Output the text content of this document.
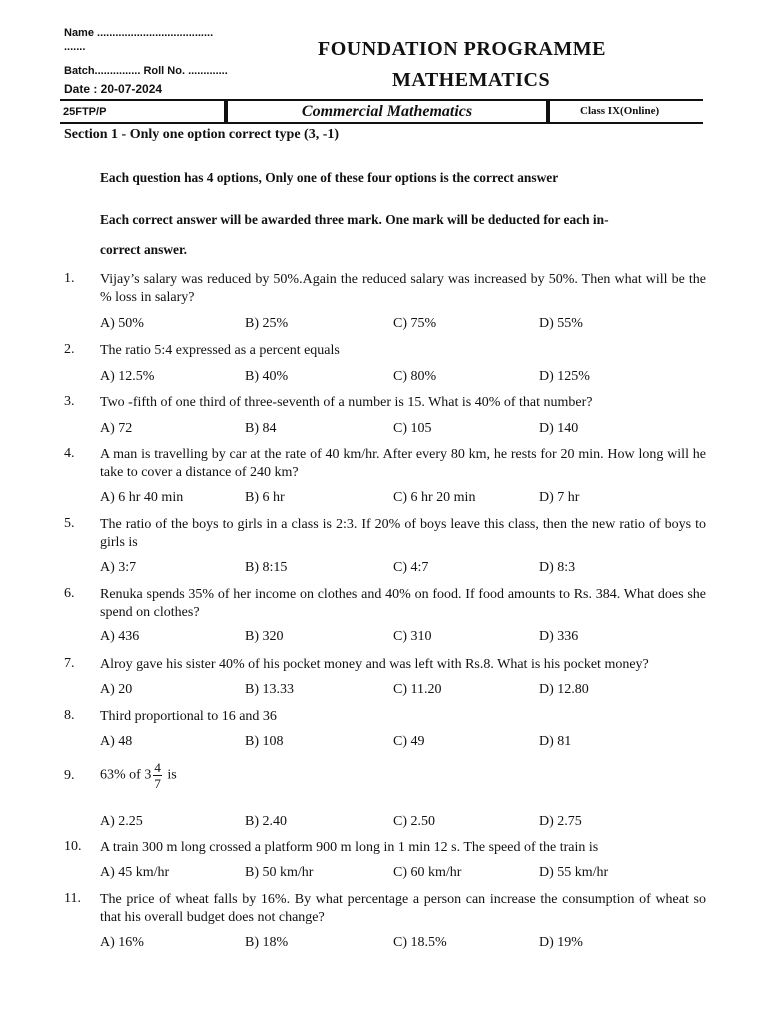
Name ......................................
.......
Batch............... Roll No. .............
Date : 20-07-2024
FOUNDATION PROGRAMME
MATHEMATICS
25FTP/P	Commercial Mathematics	Class IX(Online)
Section 1 - Only one option correct type (3, -1)
Each question has 4 options, Only one of these four options is the correct answer
Each correct answer will be awarded three mark. One mark will be deducted for each in-
correct answer.
1. Vijay’s salary was reduced by 50%.Again the reduced salary was increased by 50%. Then what will be the % loss in salary?
A) 50%	B) 25%	C) 75%	D) 55%
2. The ratio 5:4 expressed as a percent equals
A) 12.5%	B) 40%	C) 80%	D) 125%
3. Two -fifth of one third of three-seventh of a number is 15. What is 40% of that number?
A) 72	B) 84	C) 105	D) 140
4. A man is travelling by car at the rate of 40 km/hr. After every 80 km, he rests for 20 min. How long will he take to cover a distance of 240 km?
A) 6 hr 40 min	B) 6 hr	C) 6 hr 20 min	D) 7 hr
5. The ratio of the boys to girls in a class is 2:3. If 20% of boys leave this class, then the new ratio of boys to girls is
A) 3:7	B) 8:15	C) 4:7	D) 8:3
6. Renuka spends 35% of her income on clothes and 40% on food. If food amounts to Rs. 384. What does she spend on clothes?
A) 436	B) 320	C) 310	D) 336
7. Alroy gave his sister 40% of his pocket money and was left with Rs.8. What is his pocket money?
A) 20	B) 13.33	C) 11.20	D) 12.80
8. Third proportional to 16 and 36
A) 48	B) 108	C) 49	D) 81
9. 63% of $3 \frac{4}{7}$ is
A) 2.25	B) 2.40	C) 2.50	D) 2.75
10. A train 300 m long crossed a platform 900 m long in 1 min 12 s. The speed of the train is
A) 45 km/hr	B) 50 km/hr	C) 60 km/hr	D) 55 km/hr
11. The price of wheat falls by 16%. By what percentage a person can increase the consumption of wheat so that his overall budget does not change?
A) 16%	B) 18%	C) 18.5%	D) 19%
